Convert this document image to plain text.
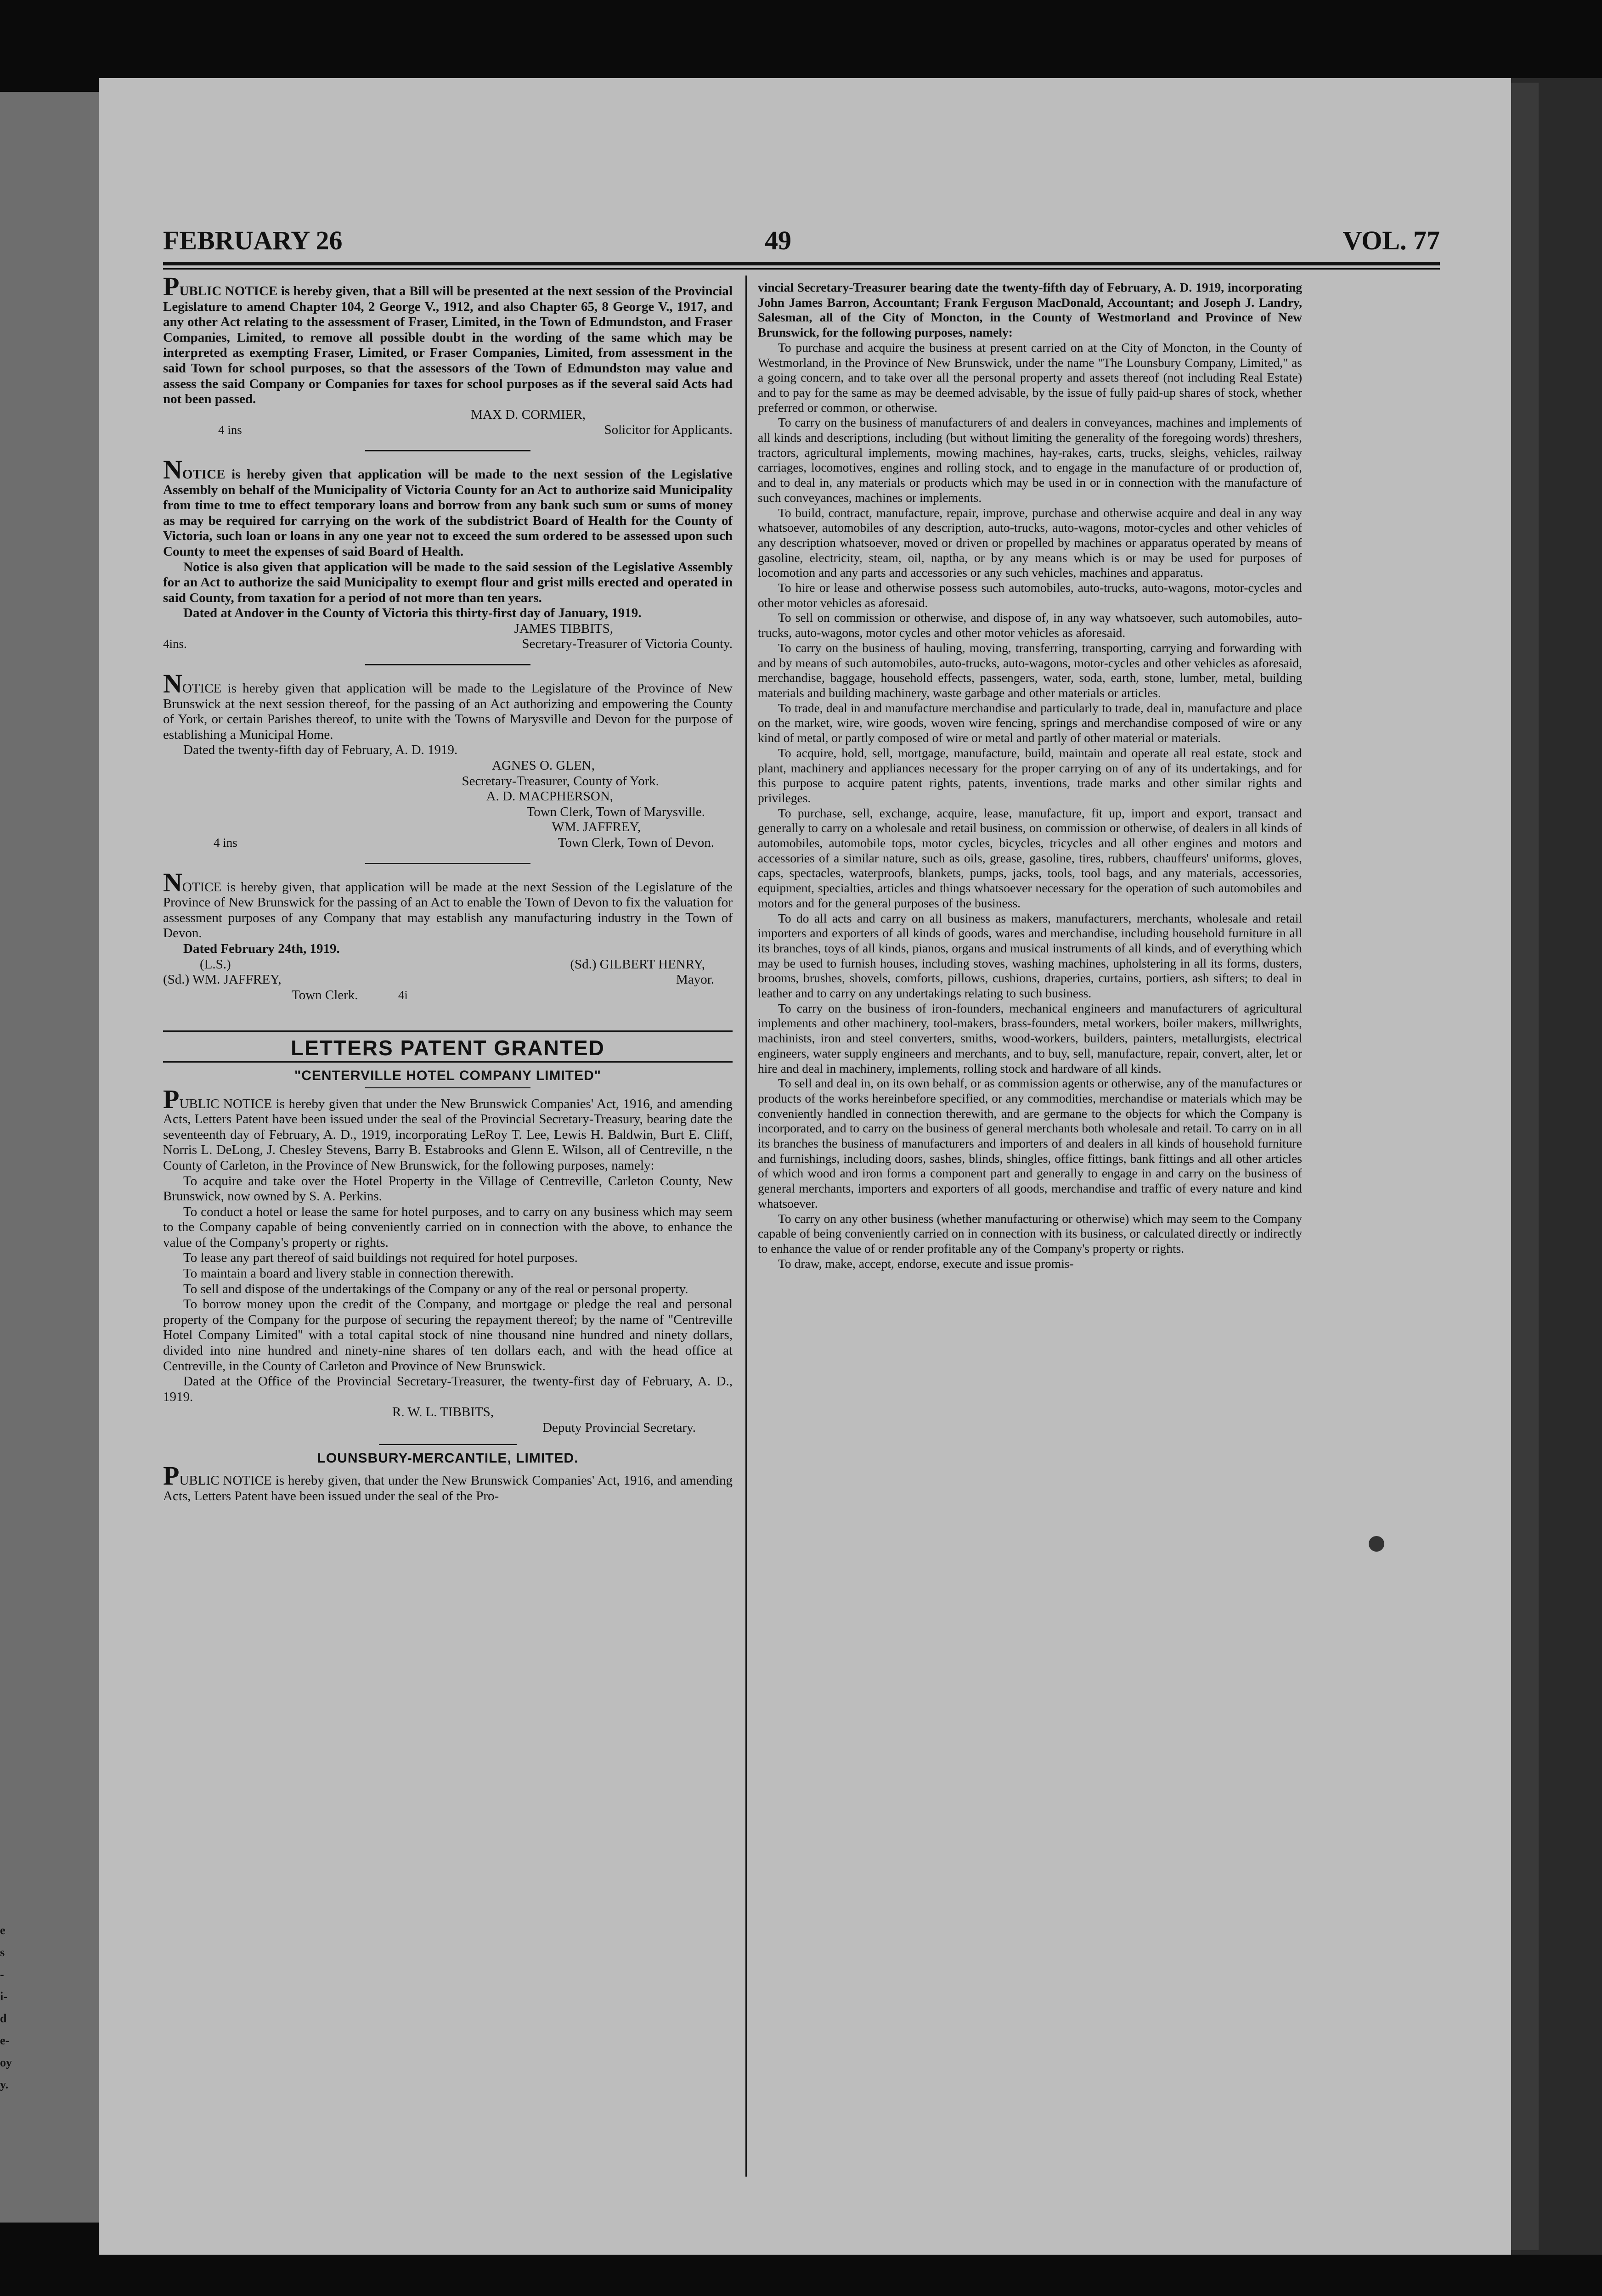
e
s
-
i-
d
e-
oy
y.
FEBRUARY 26	49	VOL. 77

PUBLIC NOTICE is hereby given, that a Bill will be presented at the next session of the Provincial Legislature to amend Chapter 104, 2 George V., 1912, and also Chapter 65, 8 George V., 1917, and any other Act relating to the assessment of Fraser, Limited, in the Town of Edmundston, and Fraser Companies, Limited, to remove all possible doubt in the wording of the same which may be interpreted as exempting Fraser, Limited, or Fraser Companies, Limited, from assessment in the said Town for school purposes, so that the assessors of the Town of Edmundston may value and assess the said Company or Companies for taxes for school purposes as if the several said Acts had not been passed.

MAX D. CORMIER,

4 ins	Solicitor for Applicants.

NOTICE is hereby given that application will be made to the next session of the Legislative Assembly on behalf of the Municipality of Victoria County for an Act to authorize said Municipality from time to tme to effect temporary loans and borrow from any bank such sum or sums of money as may be required for carrying on the work of the subdistrict Board of Health for the County of Victoria, such loan or loans in any one year not to exceed the sum ordered to be assessed upon such County to meet the expenses of said Board of Health.

Notice is also given that application will be made to the said session of the Legislative Assembly for an Act to authorize the said Municipality to exempt flour and grist mills erected and operated in said County, from taxation for a period of not more than ten years.

Dated at Andover in the County of Victoria this thirty-first day of January, 1919.

JAMES TIBBITS,

4ins.	Secretary-Treasurer of Victoria County.

NOTICE is hereby given that application will be made to the Legislature of the Province of New Brunswick at the next session thereof, for the passing of an Act authorizing and empowering the County of York, or certain Parishes thereof, to unite with the Towns of Marysville and Devon for the purpose of establishing a Municipal Home.

Dated the twenty-fifth day of February, A. D. 1919.

AGNES O. GLEN,

Secretary-Treasurer, County of York.

A. D. MACPHERSON,

Town Clerk, Town of Marysville.

WM. JAFFREY,

4 ins	Town Clerk, Town of Devon.

NOTICE is hereby given, that application will be made at the next Session of the Legislature of the Province of New Brunswick for the passing of an Act to enable the Town of Devon to fix the valuation for assessment purposes of any Company that may establish any manufacturing industry in the Town of Devon.

Dated February 24th, 1919.

(L.S.)	(Sd.) GILBERT HENRY,
(Sd.) WM. JAFFREY,	Mayor.
Town Clerk.	4i
LETTERS PATENT GRANTED
"CENTERVILLE HOTEL COMPANY LIMITED"

PUBLIC NOTICE is hereby given that under the New Brunswick Companies' Act, 1916, and amending Acts, Letters Patent have been issued under the seal of the Provincial Secretary-Treasury, bearing date the seventeenth day of February, A. D., 1919, incorporating LeRoy T. Lee, Lewis H. Baldwin, Burt E. Cliff, Norris L. DeLong, J. Chesley Stevens, Barry B. Estabrooks and Glenn E. Wilson, all of Centreville, n the County of Carleton, in the Province of New Brunswick, for the following purposes, namely:

To acquire and take over the Hotel Property in the Village of Centreville, Carleton County, New Brunswick, now owned by S. A. Perkins.

To conduct a hotel or lease the same for hotel purposes, and to carry on any business which may seem to the Company capable of being conveniently carried on in connection with the above, to enhance the value of the Company's property or rights.

To lease any part thereof of said buildings not required for hotel purposes.

To maintain a board and livery stable in connection therewith.

To sell and dispose of the undertakings of the Company or any of the real or personal property.

To borrow money upon the credit of the Company, and mortgage or pledge the real and personal property of the Company for the purpose of securing the repayment thereof; by the name of "Centreville Hotel Company Limited" with a total capital stock of nine thousand nine hundred and ninety dollars, divided into nine hundred and ninety-nine shares of ten dollars each, and with the head office at Centreville, in the County of Carleton and Province of New Brunswick.

Dated at the Office of the Provincial Secretary-Treasurer, the twenty-first day of February, A. D., 1919.

R. W. L. TIBBITS,

Deputy Provincial Secretary.

LOUNSBURY-MERCANTILE, LIMITED.

PUBLIC NOTICE is hereby given, that under the New Brunswick Companies' Act, 1916, and amending Acts, Letters Patent have been issued under the seal of the Pro-

vincial Secretary-Treasurer bearing date the twenty-fifth day of February, A. D. 1919, incorporating John James Barron, Accountant; Frank Ferguson MacDonald, Accountant; and Joseph J. Landry, Salesman, all of the City of Moncton, in the County of Westmorland and Province of New Brunswick, for the following purposes, namely:

To purchase and acquire the business at present carried on at the City of Moncton, in the County of Westmorland, in the Province of New Brunswick, under the name "The Lounsbury Company, Limited," as a going concern, and to take over all the personal property and assets thereof (not including Real Estate) and to pay for the same as may be deemed advisable, by the issue of fully paid-up shares of stock, whether preferred or common, or otherwise.

To carry on the business of manufacturers of and dealers in conveyances, machines and implements of all kinds and descriptions, including (but without limiting the generality of the foregoing words) threshers, tractors, agricultural implements, mowing machines, hay-rakes, carts, trucks, sleighs, vehicles, railway carriages, locomotives, engines and rolling stock, and to engage in the manufacture of or production of, and to deal in, any materials or products which may be used in or in connection with the manufacture of such conveyances, machines or implements.

To build, contract, manufacture, repair, improve, purchase and otherwise acquire and deal in any way whatsoever, automobiles of any description, auto-trucks, auto-wagons, motor-cycles and other vehicles of any description whatsoever, moved or driven or propelled by machines or apparatus operated by means of gasoline, electricity, steam, oil, naptha, or by any means which is or may be used for purposes of locomotion and any parts and accessories or any such vehicles, machines and apparatus.

To hire or lease and otherwise possess such automobiles, auto-trucks, auto-wagons, motor-cycles and other motor vehicles as aforesaid.

To sell on commission or otherwise, and dispose of, in any way whatsoever, such automobiles, auto-trucks, auto-wagons, motor cycles and other motor vehicles as aforesaid.

To carry on the business of hauling, moving, transferring, transporting, carrying and forwarding with and by means of such automobiles, auto-trucks, auto-wagons, motor-cycles and other vehicles as aforesaid, merchandise, baggage, household effects, passengers, water, soda, earth, stone, lumber, metal, building materials and building machinery, waste garbage and other materials or articles.

To trade, deal in and manufacture merchandise and particularly to trade, deal in, manufacture and place on the market, wire, wire goods, woven wire fencing, springs and merchandise composed of wire or any kind of metal, or partly composed of wire or metal and partly of other material or materials.

To acquire, hold, sell, mortgage, manufacture, build, maintain and operate all real estate, stock and plant, machinery and appliances necessary for the proper carrying on of any of its undertakings, and for this purpose to acquire patent rights, patents, inventions, trade marks and other similar rights and privileges.

To purchase, sell, exchange, acquire, lease, manufacture, fit up, import and export, transact and generally to carry on a wholesale and retail business, on commission or otherwise, of dealers in all kinds of automobiles, automobile tops, motor cycles, bicycles, tricycles and all other engines and motors and accessories of a similar nature, such as oils, grease, gasoline, tires, rubbers, chauffeurs' uniforms, gloves, caps, spectacles, waterproofs, blankets, pumps, jacks, tools, tool bags, and any materials, accessories, equipment, specialties, articles and things whatsoever necessary for the operation of such automobiles and motors and for the general purposes of the business.

To do all acts and carry on all business as makers, manufacturers, merchants, wholesale and retail importers and exporters of all kinds of goods, wares and merchandise, including household furniture in all its branches, toys of all kinds, pianos, organs and musical instruments of all kinds, and of everything which may be used to furnish houses, including stoves, washing machines, upholstering in all its forms, dusters, brooms, brushes, shovels, comforts, pillows, cushions, draperies, curtains, portiers, ash sifters; to deal in leather and to carry on any undertakings relating to such business.

To carry on the business of iron-founders, mechanical engineers and manufacturers of agricultural implements and other machinery, tool-makers, brass-founders, metal workers, boiler makers, millwrights, machinists, iron and steel converters, smiths, wood-workers, builders, painters, metallurgists, electrical engineers, water supply engineers and merchants, and to buy, sell, manufacture, repair, convert, alter, let or hire and deal in machinery, implements, rolling stock and hardware of all kinds.

To sell and deal in, on its own behalf, or as commission agents or otherwise, any of the manufactures or products of the works hereinbefore specified, or any commodities, merchandise or materials which may be conveniently handled in connection therewith, and are germane to the objects for which the Company is incorporated, and to carry on the business of general merchants both wholesale and retail. To carry on in all its branches the business of manufacturers and importers of and dealers in all kinds of household furniture and furnishings, including doors, sashes, blinds, shingles, office fittings, bank fittings and all other articles of which wood and iron forms a component part and generally to engage in and carry on the business of general merchants, importers and exporters of all goods, merchandise and traffic of every nature and kind whatsoever.

To carry on any other business (whether manufacturing or otherwise) which may seem to the Company capable of being conveniently carried on in connection with its business, or calculated directly or indirectly to enhance the value of or render profitable any of the Company's property or rights.

To draw, make, accept, endorse, execute and issue promis-
